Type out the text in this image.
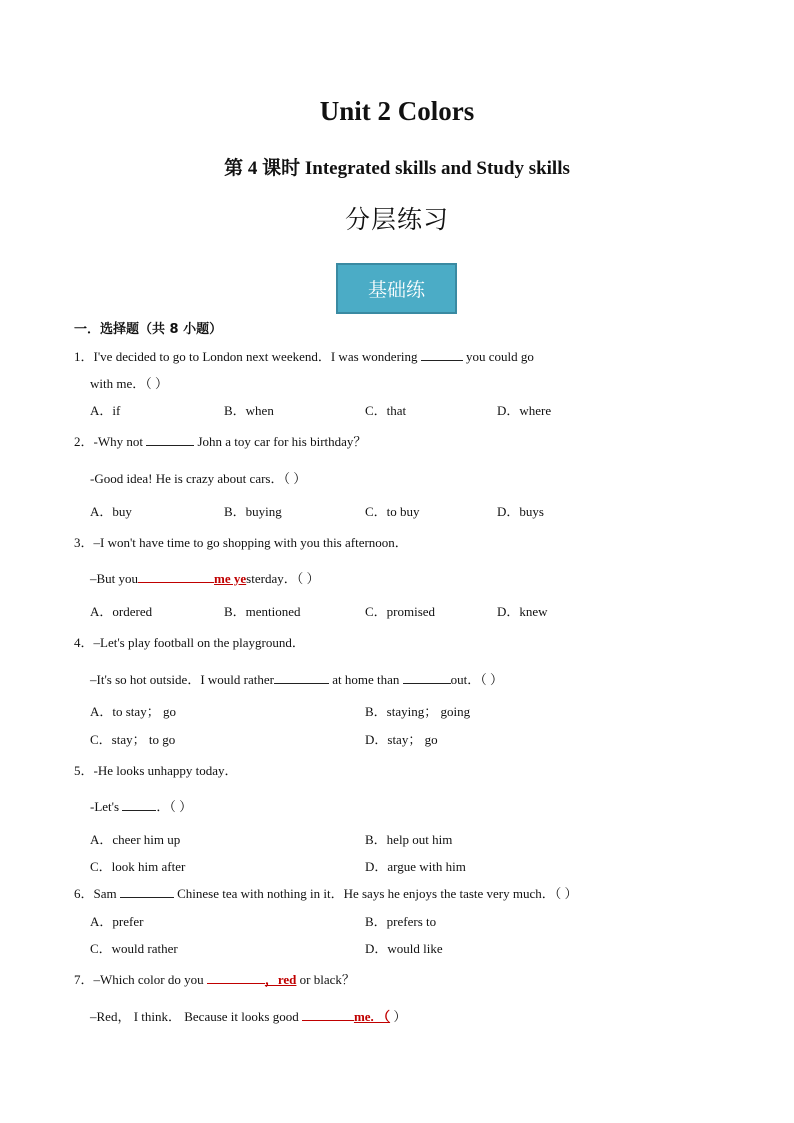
Unit 2 Colors
第 4 课时 Integrated skills and Study skills
分层练习
基础练
一．选择题（共 8 小题）
1．I've decided to go to London next weekend．I was wondering	you could go
with me．（ ）
A．if	B．when	C．that	D．where
2．-Why not	John a toy car for his birthday？
-Good idea! He is crazy about cars．（ ）
A．buy	B．buying	C．to buy	D．buys
3．–I won't have time to go shopping with you this afternoon．
–But you	me yesterday．（ ）
A．ordered	B．mentioned	C．promised	D．knew
4．–Let's play football on the playground．
–It's so hot outside．I would rather	at home than	out．（ ）
A．to stay； go	B．staying； going
C．stay； to go	D．stay； go
5．-He looks unhappy today．
-Let's	．（ ）
A．cheer him up	B．help out him
C．look him after	D．argue with him
6．Sam	Chinese tea with nothing in it．He says he enjoys the taste very much．（ ）
A．prefer	B．prefers to
C．would rather	D．would like
7．–Which color do you	，red or black？
–Red， I think． Because it looks good	me. （ ）
